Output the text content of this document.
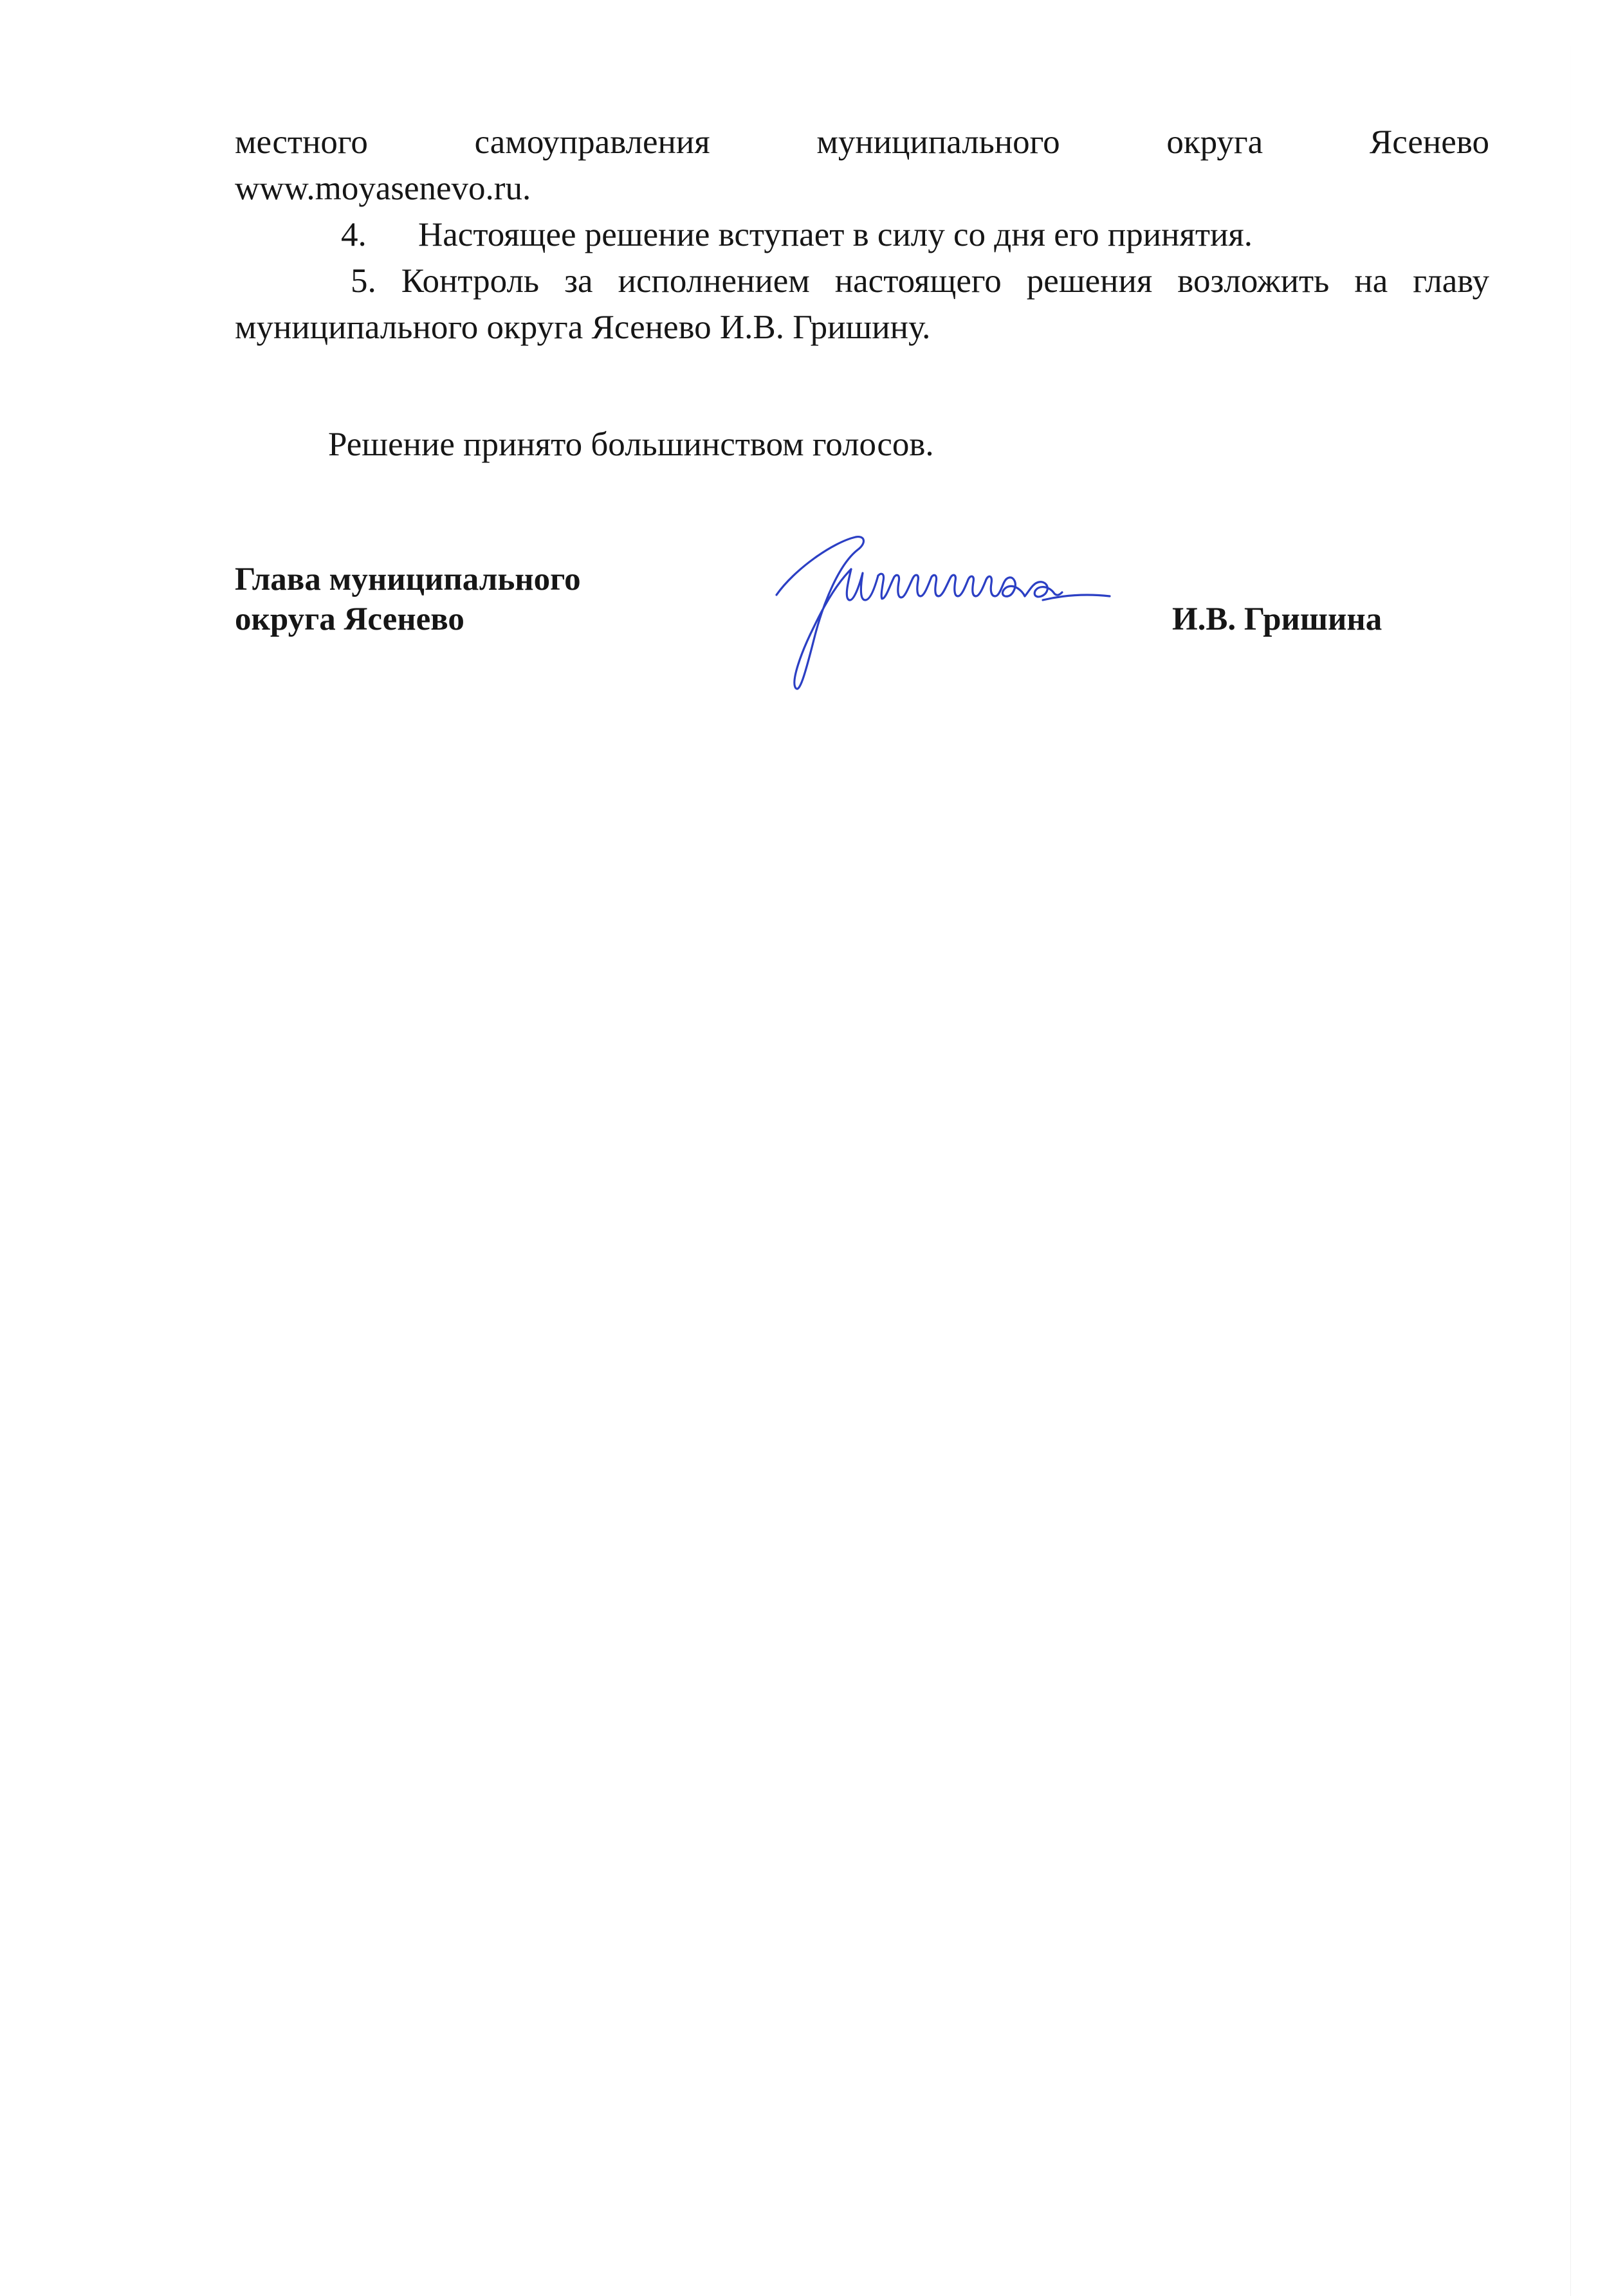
местного	самоуправления	муниципального	округа	Ясенево
www.moyasenevo.ru.
4. Настоящее решение вступает в силу со дня его принятия.
5. Контроль за исполнением настоящего решения возложить на главу
муниципального округа Ясенево И.В. Гришину.
Решение принято большинством голосов.
Глава муниципального
округа Ясенево	И.В. Гришина
